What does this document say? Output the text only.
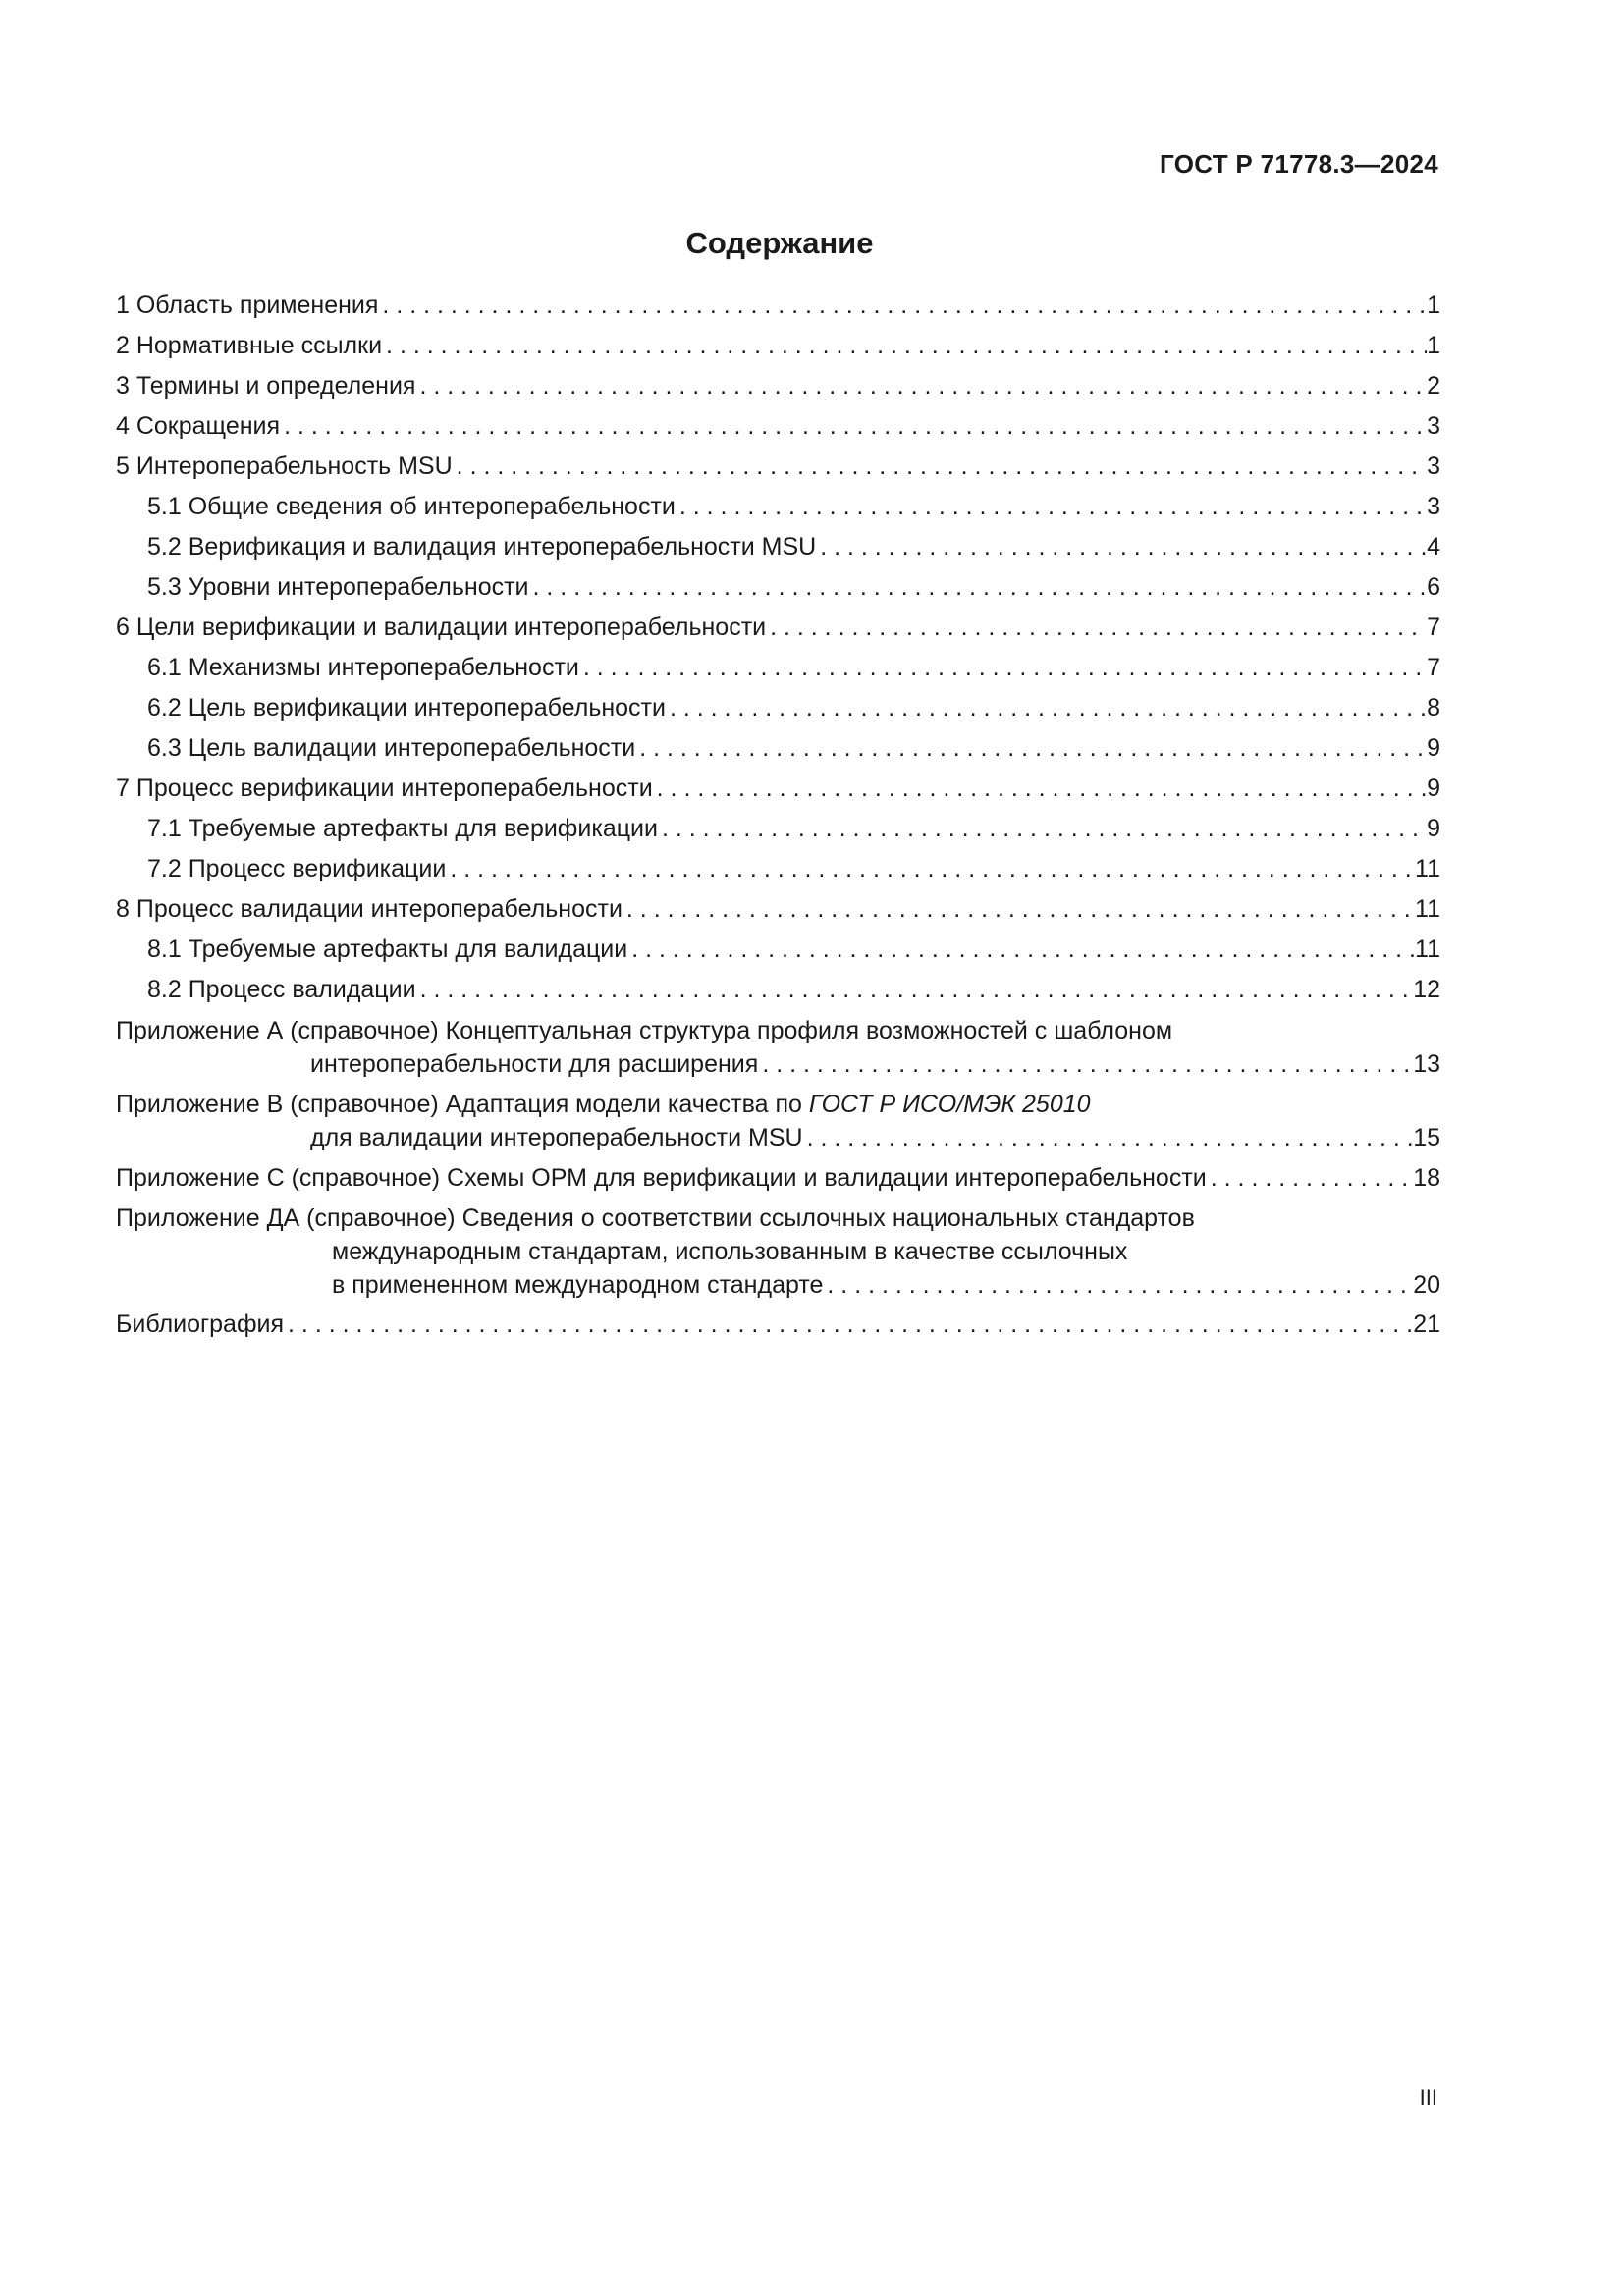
ГОСТ Р 71778.3—2024
Содержание
1 Область применения . . .	1
2 Нормативные ссылки . . .	1
3 Термины и определения . . .	2
4 Сокращения . . .	3
5 Интероперабельность MSU . . .	3
5.1 Общие сведения об интероперабельности . . .	3
5.2 Верификация и валидация интероперабельности MSU . . .	4
5.3 Уровни интероперабельности . . .	6
6 Цели верификации и валидации интероперабельности . . .	7
6.1 Механизмы интероперабельности . . .	7
6.2 Цель верификации интероперабельности . . .	8
6.3 Цель валидации интероперабельности . . .	9
7 Процесс верификации интероперабельности . . .	9
7.1 Требуемые артефакты для верификации . . .	9
7.2 Процесс верификации . . .	11
8 Процесс валидации интероперабельности . . .	11
8.1 Требуемые артефакты для валидации . . .	11
8.2 Процесс валидации . . .	12
Приложение А (справочное) Концептуальная структура профиля возможностей с шаблоном
интероперабельности для расширения . . .	13
Приложение В (справочное) Адаптация модели качества по ГОСТ Р ИСО/МЭК 25010
для валидации интероперабельности MSU . . .	15
Приложение С (справочное) Схемы ОРМ для верификации и валидации интероперабельности . . .	18
Приложение ДА (справочное) Сведения о соответствии ссылочных национальных стандартов
международным стандартам, использованным в качестве ссылочных
в примененном международном стандарте . . .	20
Библиография . . .	21
III
